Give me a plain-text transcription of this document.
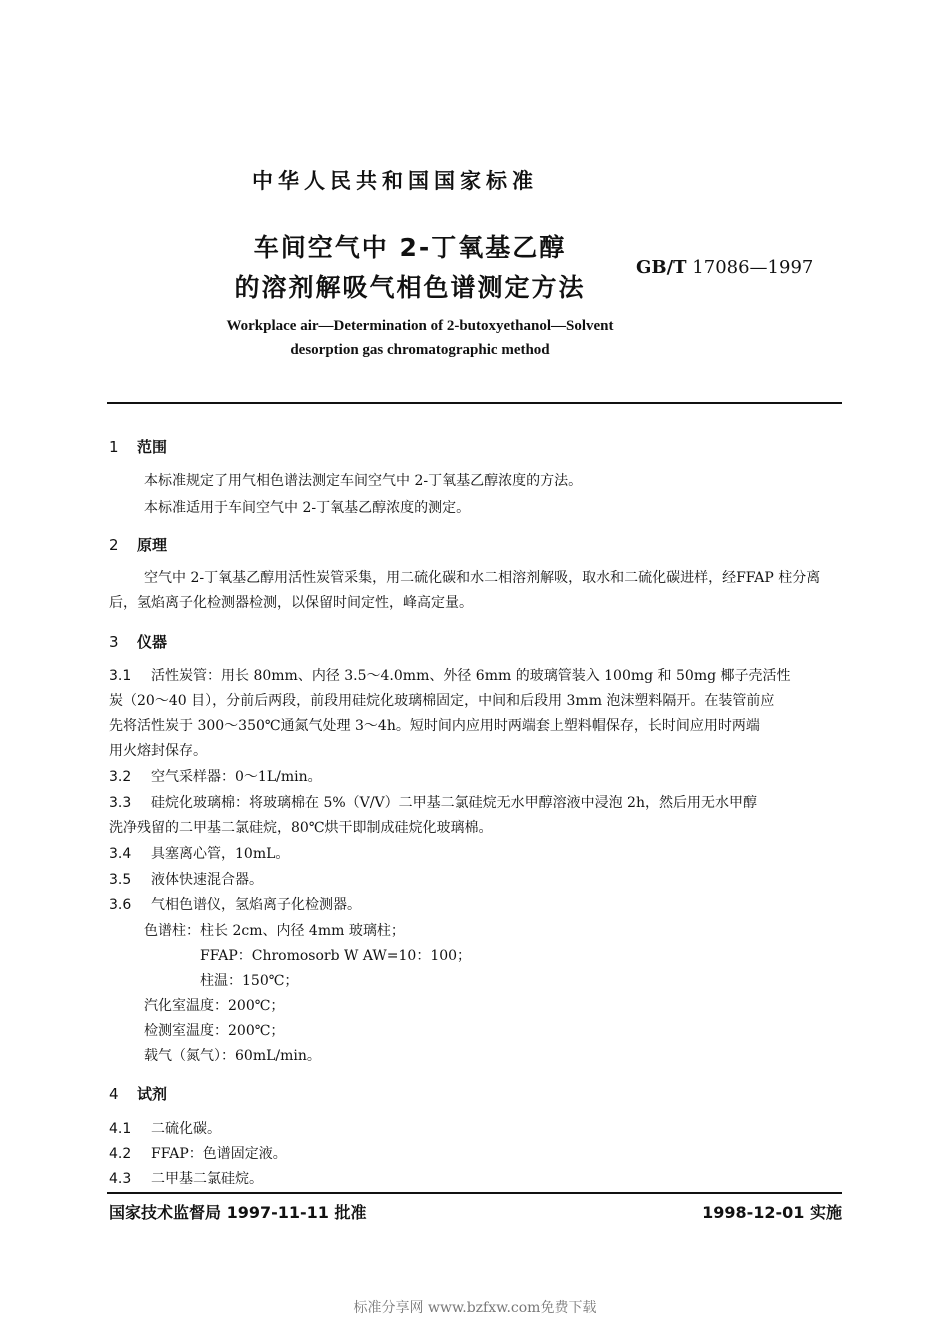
中华人民共和国国家标准
车间空气中 2-丁氧基乙醇
的溶剂解吸气相色谱测定方法
GB/T 17086—1997
Workplace air—Determination of 2-butoxyethanol—Solvent
desorption gas chromatographic method
1 范围
本标准规定了用气相色谱法测定车间空气中 2-丁氧基乙醇浓度的方法。
本标准适用于车间空气中 2-丁氧基乙醇浓度的测定。
2 原理
空气中 2-丁氧基乙醇用活性炭管采集，用二硫化碳和水二相溶剂解吸，取水和二硫化碳进样，经FFAP 柱分离后，氢焰离子化检测器检测，以保留时间定性，峰高定量。
3 仪器
3.1 活性炭管：用长 80mm、内径 3.5～4.0mm、外径 6mm 的玻璃管装入 100mg 和 50mg 椰子壳活性
炭（20～40 目），分前后两段，前段用硅烷化玻璃棉固定，中间和后段用 3mm 泡沫塑料隔开。在装管前应
先将活性炭于 300～350℃通氮气处理 3～4h。短时间内应用时两端套上塑料帽保存，长时间应用时两端
用火熔封保存。
3.2 空气采样器：0～1L/min。
3.3 硅烷化玻璃棉：将玻璃棉在 5%（V/V）二甲基二氯硅烷无水甲醇溶液中浸泡 2h，然后用无水甲醇
洗净残留的二甲基二氯硅烷，80℃烘干即制成硅烷化玻璃棉。
3.4 具塞离心管，10mL。
3.5 液体快速混合器。
3.6 气相色谱仪，氢焰离子化检测器。
色谱柱：柱长 2cm、内径 4mm 玻璃柱；
FFAP：Chromosorb W AW=10：100；
柱温：150℃；
汽化室温度：200℃；
检测室温度：200℃；
载气（氮气）：60mL/min。
4 试剂
4.1 二硫化碳。
4.2 FFAP：色谱固定液。
4.3 二甲基二氯硅烷。
国家技术监督局 1997-11-11 批准	1998-12-01 实施
标准分享网 www.bzfxw.com免费下载
